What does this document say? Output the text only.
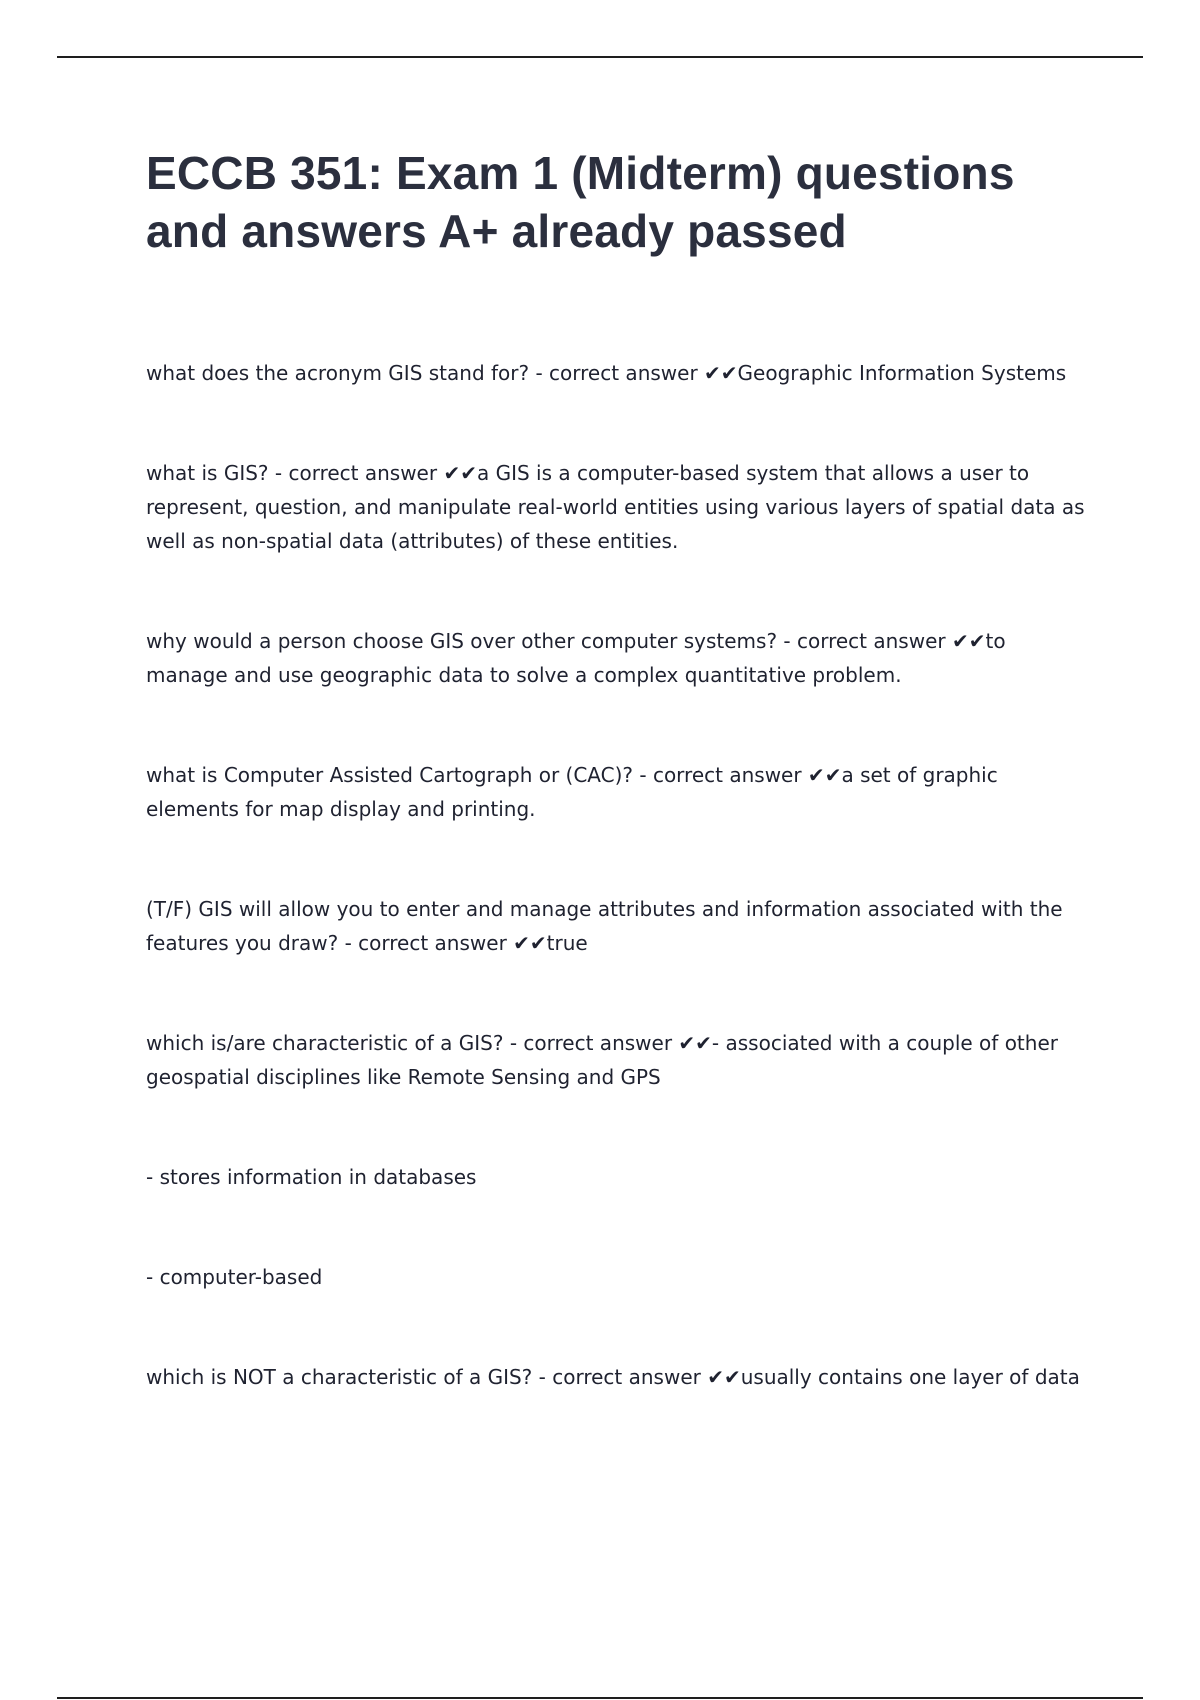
ECCB 351: Exam 1 (Midterm) questions and answers A+ already passed

what does the acronym GIS stand for? - correct answer ✔✔Geographic Information Systems

what is GIS? - correct answer ✔✔a GIS is a computer-based system that allows a user to represent, question, and manipulate real-world entities using various layers of spatial data as well as non-spatial data (attributes) of these entities.

why would a person choose GIS over other computer systems? - correct answer ✔✔to manage and use geographic data to solve a complex quantitative problem.

what is Computer Assisted Cartograph or (CAC)? - correct answer ✔✔a set of graphic elements for map display and printing.

(T/F) GIS will allow you to enter and manage attributes and information associated with the features you draw? - correct answer ✔✔true

which is/are characteristic of a GIS? - correct answer ✔✔- associated with a couple of other geospatial disciplines like Remote Sensing and GPS

- stores information in databases

- computer-based

which is NOT a characteristic of a GIS? - correct answer ✔✔usually contains one layer of data
